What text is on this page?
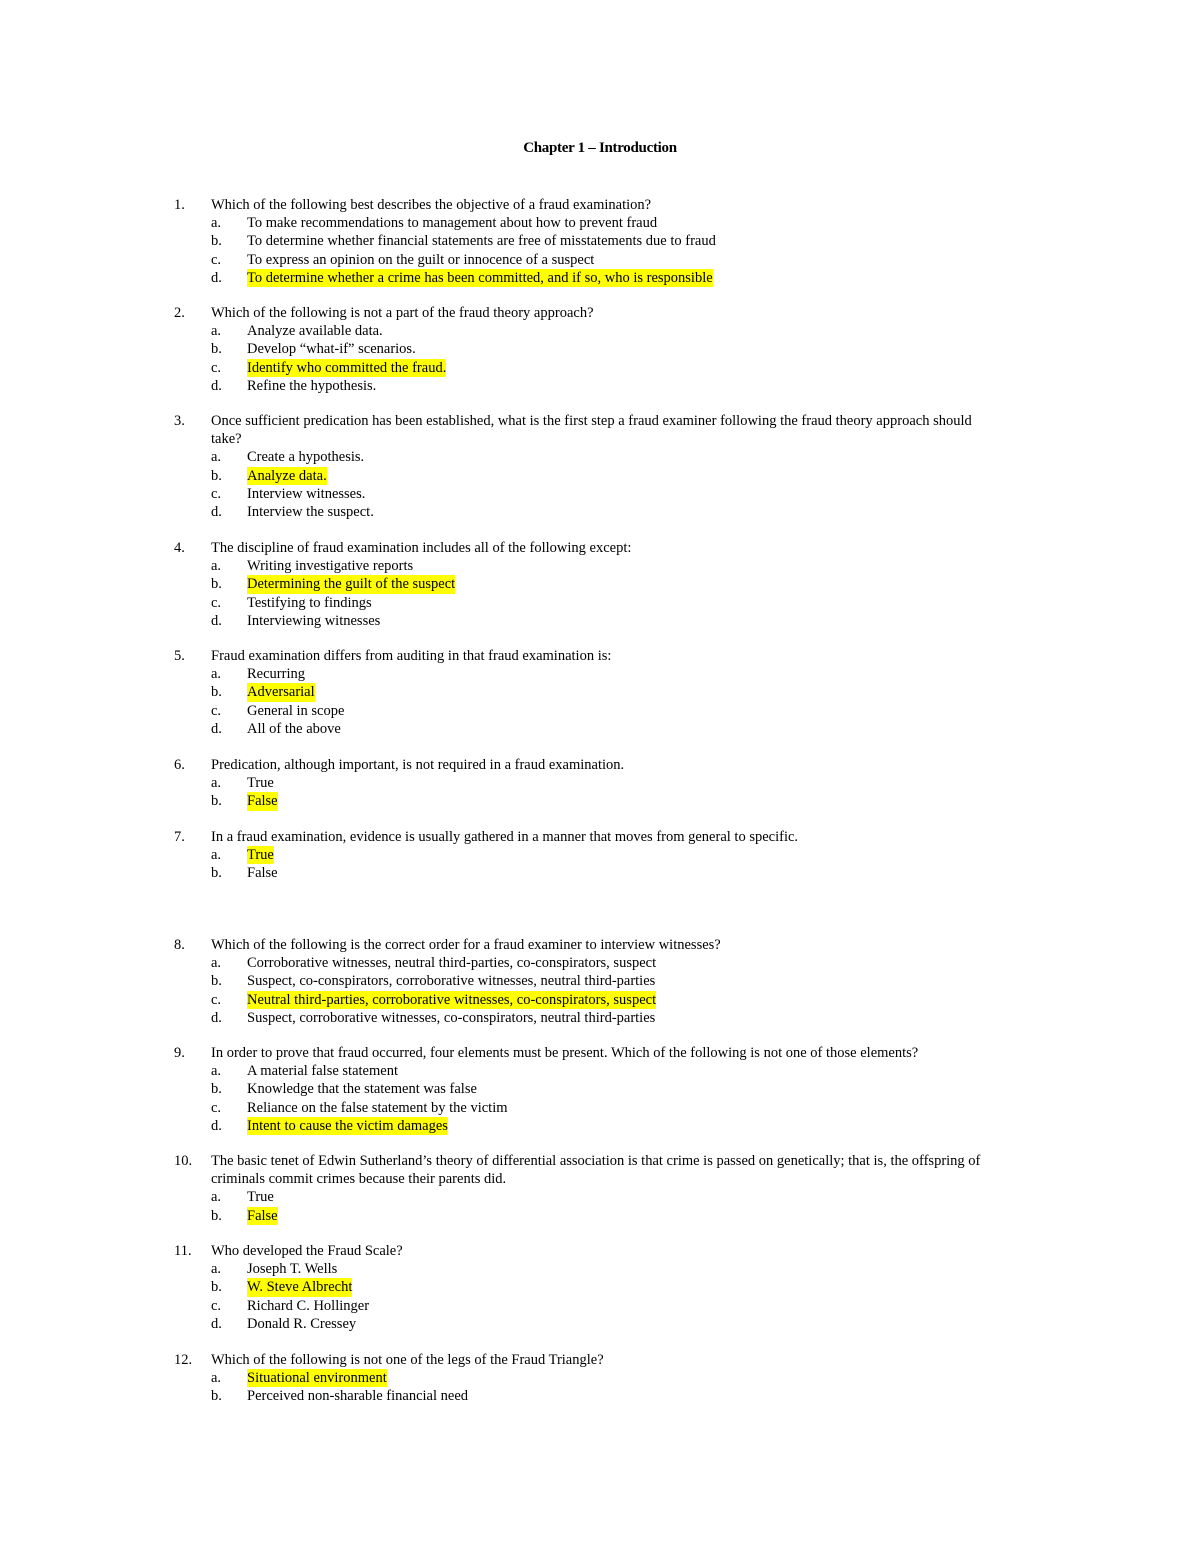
Chapter 1 – Introduction
1.	Which of the following best describes the objective of a fraud examination?
a.	To make recommendations to management about how to prevent fraud
b.	To determine whether financial statements are free of misstatements due to fraud
c.	To express an opinion on the guilt or innocence of a suspect
d.	To determine whether a crime has been committed, and if so, who is responsible
2.	Which of the following is not a part of the fraud theory approach?
a.	Analyze available data.
b.	Develop “what-if” scenarios.
c.	Identify who committed the fraud.
d.	Refine the hypothesis.
3.	Once sufficient predication has been established, what is the first step a fraud examiner following the fraud theory approach should take?
a.	Create a hypothesis.
b.	Analyze data.
c.	Interview witnesses.
d.	Interview the suspect.
4.	The discipline of fraud examination includes all of the following except:
a.	Writing investigative reports
b.	Determining the guilt of the suspect
c.	Testifying to findings
d.	Interviewing witnesses
5.	Fraud examination differs from auditing in that fraud examination is:
a.	Recurring
b.	Adversarial
c.	General in scope
d.	All of the above
6.	Predication, although important, is not required in a fraud examination.
a.	True
b.	False
7.	In a fraud examination, evidence is usually gathered in a manner that moves from general to specific.
a.	True
b.	False
8.	Which of the following is the correct order for a fraud examiner to interview witnesses?
a.	Corroborative witnesses, neutral third-parties, co-conspirators, suspect
b.	Suspect, co-conspirators, corroborative witnesses, neutral third-parties
c.	Neutral third-parties, corroborative witnesses, co-conspirators, suspect
d.	Suspect, corroborative witnesses, co-conspirators, neutral third-parties
9.	In order to prove that fraud occurred, four elements must be present. Which of the following is not one of those elements?
a.	A material false statement
b.	Knowledge that the statement was false
c.	Reliance on the false statement by the victim
d.	Intent to cause the victim damages
10.	The basic tenet of Edwin Sutherland’s theory of differential association is that crime is passed on genetically; that is, the offspring of criminals commit crimes because their parents did.
a.	True
b.	False
11.	Who developed the Fraud Scale?
a.	Joseph T. Wells
b.	W. Steve Albrecht
c.	Richard C. Hollinger
d.	Donald R. Cressey
12.	Which of the following is not one of the legs of the Fraud Triangle?
a.	Situational environment
b.	Perceived non-sharable financial need
